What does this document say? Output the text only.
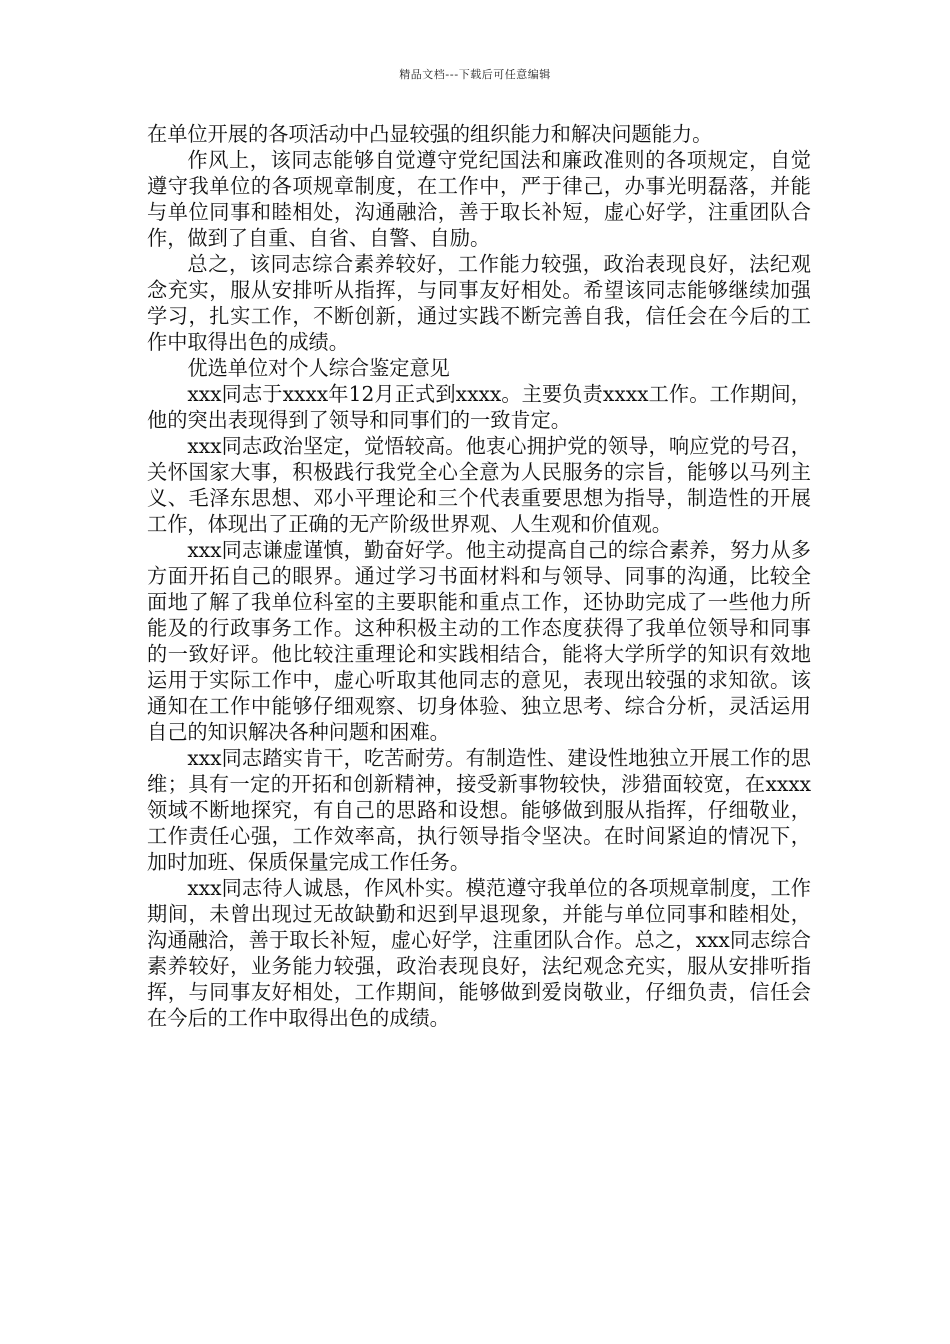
精品文档---下载后可任意编辑

在单位开展的各项活动中凸显较强的组织能力和解决问题能力。

作风上，该同志能够自觉遵守党纪国法和廉政准则的各项规定，自觉遵守我单位的各项规章制度，在工作中，严于律己，办事光明磊落，并能与单位同事和睦相处，沟通融洽，善于取长补短，虚心好学，注重团队合作，做到了自重、自省、自警、自励。

总之，该同志综合素养较好，工作能力较强，政治表现良好，法纪观念充实，服从安排听从指挥，与同事友好相处。希望该同志能够继续加强学习，扎实工作，不断创新，通过实践不断完善自我，信任会在今后的工作中取得出色的成绩。

优选单位对个人综合鉴定意见

xxx同志于xxxx年12月正式到xxxx。主要负责xxxx工作。工作期间，他的突出表现得到了领导和同事们的一致肯定。

xxx同志政治坚定，觉悟较高。他衷心拥护党的领导，响应党的号召，关怀国家大事，积极践行我党全心全意为人民服务的宗旨，能够以马列主义、毛泽东思想、邓小平理论和三个代表重要思想为指导，制造性的开展工作，体现出了正确的无产阶级世界观、人生观和价值观。

xxx同志谦虚谨慎，勤奋好学。他主动提高自己的综合素养，努力从多方面开拓自己的眼界。通过学习书面材料和与领导、同事的沟通，比较全面地了解了我单位科室的主要职能和重点工作，还协助完成了一些他力所能及的行政事务工作。这种积极主动的工作态度获得了我单位领导和同事的一致好评。他比较注重理论和实践相结合，能将大学所学的知识有效地运用于实际工作中，虚心听取其他同志的意见，表现出较强的求知欲。该通知在工作中能够仔细观察、切身体验、独立思考、综合分析，灵活运用自己的知识解决各种问题和困难。

xxx同志踏实肯干，吃苦耐劳。有制造性、建设性地独立开展工作的思维；具有一定的开拓和创新精神，接受新事物较快，涉猎面较宽，在xxxx领域不断地探究，有自己的思路和设想。能够做到服从指挥，仔细敬业，工作责任心强，工作效率高，执行领导指令坚决。在时间紧迫的情况下，加时加班、保质保量完成工作任务。

xxx同志待人诚恳，作风朴实。模范遵守我单位的各项规章制度，工作期间，未曾出现过无故缺勤和迟到早退现象，并能与单位同事和睦相处，沟通融洽，善于取长补短，虚心好学，注重团队合作。总之，xxx同志综合素养较好，业务能力较强，政治表现良好，法纪观念充实，服从安排听指挥，与同事友好相处，工作期间，能够做到爱岗敬业，仔细负责，信任会在今后的工作中取得出色的成绩。
